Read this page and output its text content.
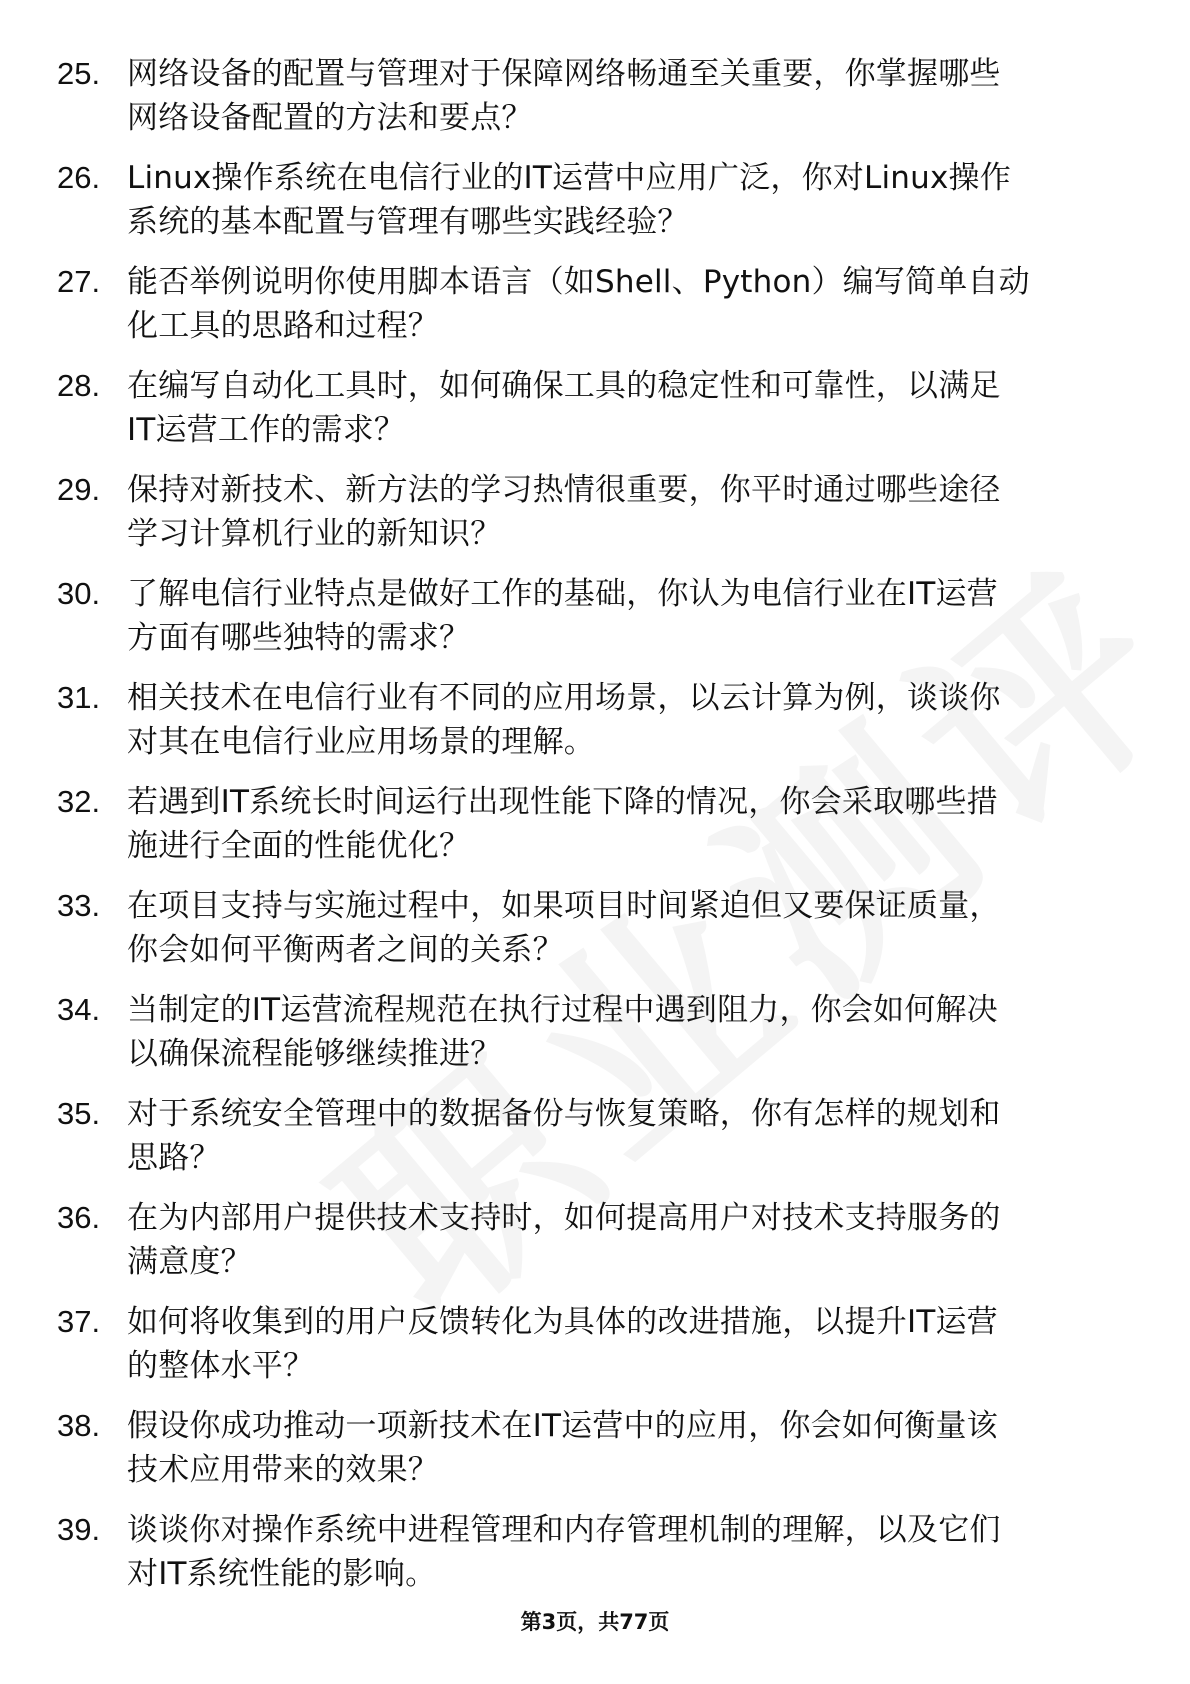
25. 网络设备的配置与管理对于保障网络畅通至关重要，你掌握哪些
网络设备配置的方法和要点？
26. Linux操作系统在电信行业的IT运营中应用广泛，你对Linux操作
系统的基本配置与管理有哪些实践经验？
27. 能否举例说明你使用脚本语言（如Shell、Python）编写简单自动
化工具的思路和过程？
28. 在编写自动化工具时，如何确保工具的稳定性和可靠性，以满足
IT运营工作的需求？
29. 保持对新技术、新方法的学习热情很重要，你平时通过哪些途径
学习计算机行业的新知识？
30. 了解电信行业特点是做好工作的基础，你认为电信行业在IT运营
方面有哪些独特的需求？
31. 相关技术在电信行业有不同的应用场景，以云计算为例，谈谈你
对其在电信行业应用场景的理解。
32. 若遇到IT系统长时间运行出现性能下降的情况，你会采取哪些措
施进行全面的性能优化？
33. 在项目支持与实施过程中，如果项目时间紧迫但又要保证质量，
你会如何平衡两者之间的关系？
34. 当制定的IT运营流程规范在执行过程中遇到阻力，你会如何解决
以确保流程能够继续推进？
35. 对于系统安全管理中的数据备份与恢复策略，你有怎样的规划和
思路？
36. 在为内部用户提供技术支持时，如何提高用户对技术支持服务的
满意度？
37. 如何将收集到的用户反馈转化为具体的改进措施，以提升IT运营
的整体水平？
38. 假设你成功推动一项新技术在IT运营中的应用，你会如何衡量该
技术应用带来的效果？
39. 谈谈你对操作系统中进程管理和内存管理机制的理解，以及它们
对IT系统性能的影响。
第3页，共77页
